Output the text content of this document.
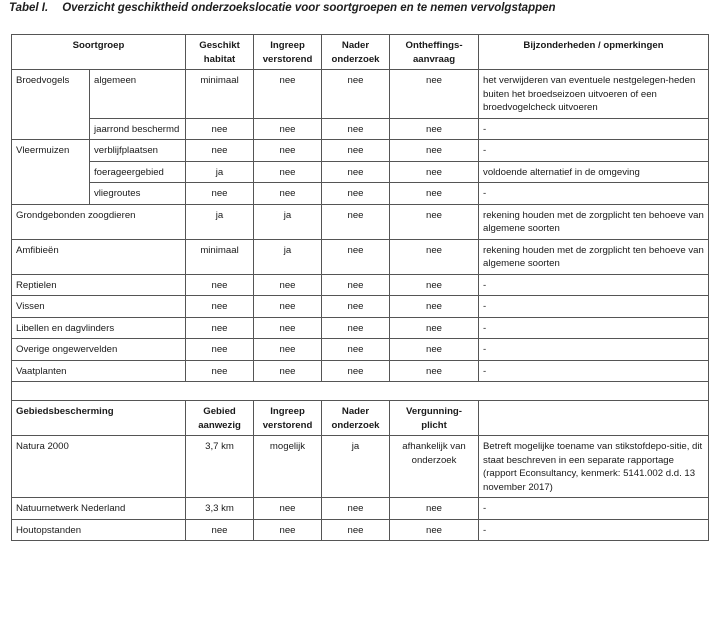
Tabel I. Overzicht geschiktheid onderzoekslocatie voor soortgroepen en te nemen vervolgstappen
Soortgroep		Geschikt habitat	Ingreep verstorend	Nader onderzoek	Ontheffings-aanvraag	Bijzonderheden / opmerkingen
Broedvogels	algemeen	minimaal	nee	nee	nee	het verwijderen van eventuele nestgelegen-heden buiten het broedseizoen uitvoeren of een broedvogelcheck uitvoeren
	jaarrond beschermd	nee	nee	nee	nee	-
Vleermuizen	verblijfplaatsen	nee	nee	nee	nee	-
	foerageergebied	ja	nee	nee	nee	voldoende alternatief in de omgeving
	vliegroutes	nee	nee	nee	nee	-
Grondgebonden zoogdieren		ja	ja	nee	nee	rekening houden met de zorgplicht ten behoeve van algemene soorten
Amfibieën		minimaal	ja	nee	nee	rekening houden met de zorgplicht ten behoeve van algemene soorten
Reptielen		nee	nee	nee	nee	-
Vissen		nee	nee	nee	nee	-
Libellen en dagvlinders		nee	nee	nee	nee	-
Overige ongewervelden		nee	nee	nee	nee	-
Vaatplanten		nee	nee	nee	nee	-

Gebiedsbescherming		Gebied aanwezig	Ingreep verstorend	Nader onderzoek	Vergunning-plicht	
Natura 2000		3,7 km	mogelijk	ja	afhankelijk van onderzoek	Betreft mogelijke toename van stikstofdepo-sitie, dit staat beschreven in een separate rapportage (rapport Econsultancy, kenmerk: 5141.002 d.d. 13 november 2017)
Natuurnetwerk Nederland		3,3 km	nee	nee	nee	-
Houtopstanden		nee	nee	nee	nee	-
